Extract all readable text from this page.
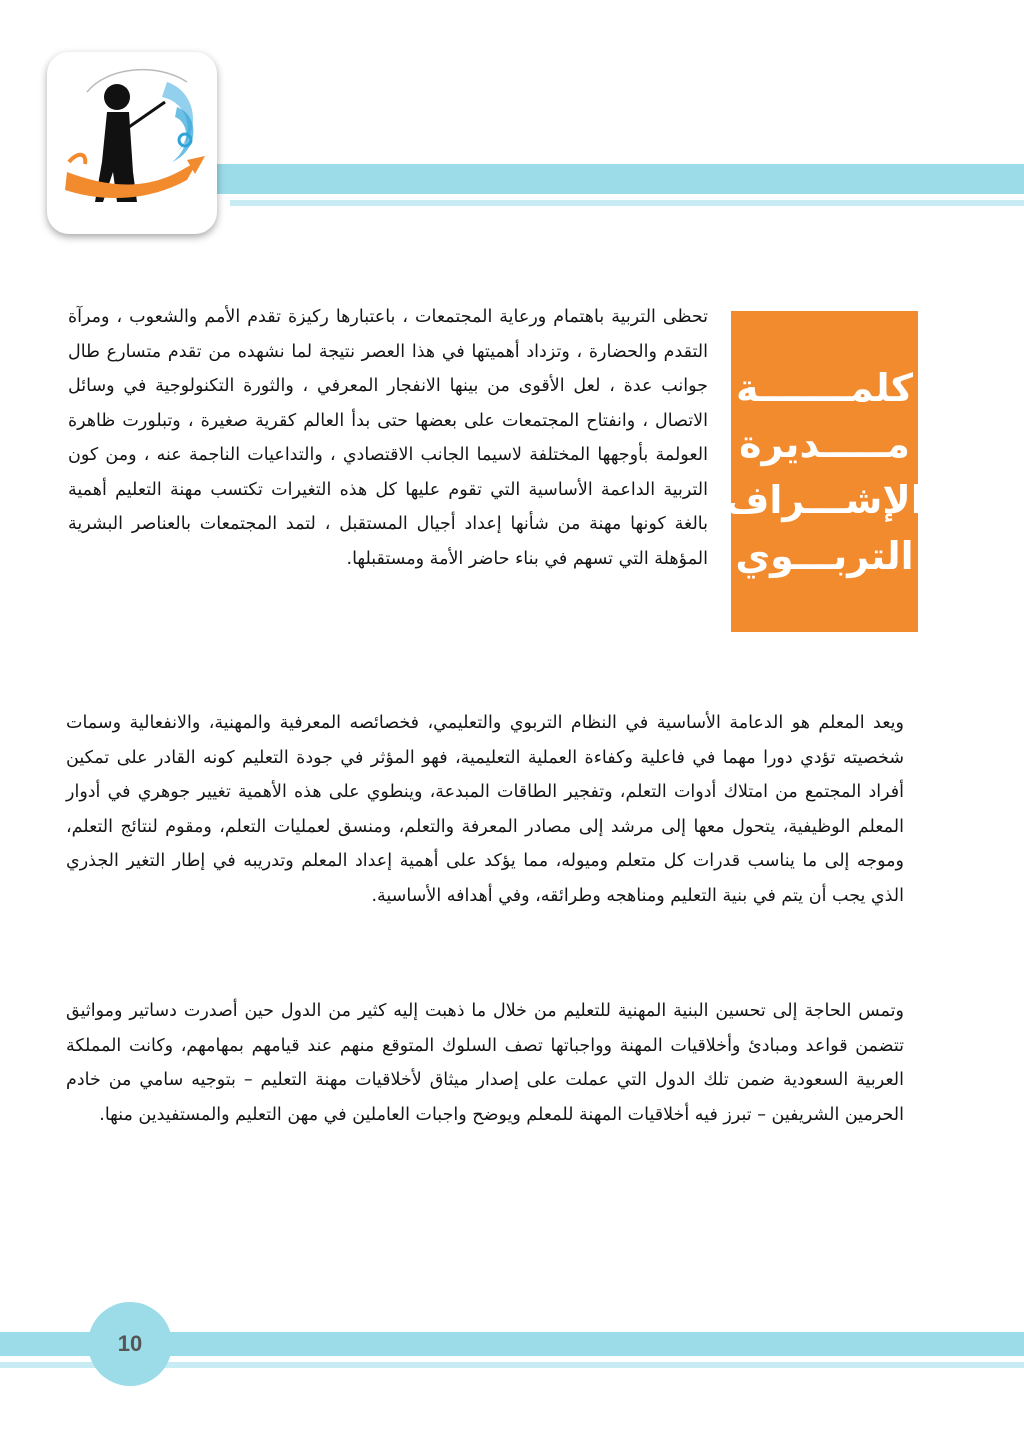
كلمـــــــة
مـــــديرة
الإشـــراف
التربـــوي

تحظى التربية باهتمام ورعاية المجتمعات ، باعتبارها ركيزة تقدم الأمم والشعوب ، ومرآة التقدم والحضارة ، وتزداد أهميتها في هذا العصر نتيجة لما نشهده من تقدم متسارع طال جوانب عدة ، لعل الأقوى من بينها الانفجار المعرفي ، والثورة التكنولوجية في وسائل الاتصال ، وانفتاح المجتمعات على بعضها حتى بدأ العالم كقرية صغيرة ، وتبلورت ظاهرة العولمة بأوجهها المختلفة لاسيما الجانب الاقتصادي ، والتداعيات الناجمة عنه ، ومن كون التربية الداعمة الأساسية التي تقوم عليها كل هذه التغيرات تكتسب مهنة التعليم أهمية بالغة كونها مهنة من شأنها إعداد أجيال المستقبل ، لتمد المجتمعات بالعناصر البشرية المؤهلة التي تسهم في بناء حاضر الأمة ومستقبلها.

ويعد المعلم هو الدعامة الأساسية في النظام التربوي والتعليمي، فخصائصه المعرفية والمهنية، والانفعالية وسمات شخصيته تؤدي دورا مهما في فاعلية وكفاءة العملية التعليمية، فهو المؤثر في جودة التعليم كونه القادر على تمكين أفراد المجتمع من امتلاك أدوات التعلم، وتفجير الطاقات المبدعة، وينطوي على هذه الأهمية تغيير جوهري في أدوار المعلم الوظيفية، يتحول معها إلى مرشد إلى مصادر المعرفة والتعلم، ومنسق لعمليات التعلم، ومقوم لنتائج التعلم، وموجه إلى ما يناسب قدرات كل متعلم وميوله، مما يؤكد على أهمية إعداد المعلم وتدريبه في إطار التغير الجذري الذي يجب أن يتم في بنية التعليم ومناهجه وطرائقه، وفي أهدافه الأساسية.

وتمس الحاجة إلى تحسين البنية المهنية للتعليم من خلال ما ذهبت إليه كثير من الدول حين أصدرت دساتير ومواثيق تتضمن قواعد ومبادئ وأخلاقيات المهنة وواجباتها تصف السلوك المتوقع منهم عند قيامهم بمهامهم، وكانت المملكة العربية السعودية ضمن تلك الدول التي عملت على إصدار ميثاق لأخلاقيات مهنة التعليم – بتوجيه سامي من خادم الحرمين الشريفين – تبرز فيه أخلاقيات المهنة للمعلم ويوضح واجبات العاملين في مهن التعليم والمستفيدين منها.

10
